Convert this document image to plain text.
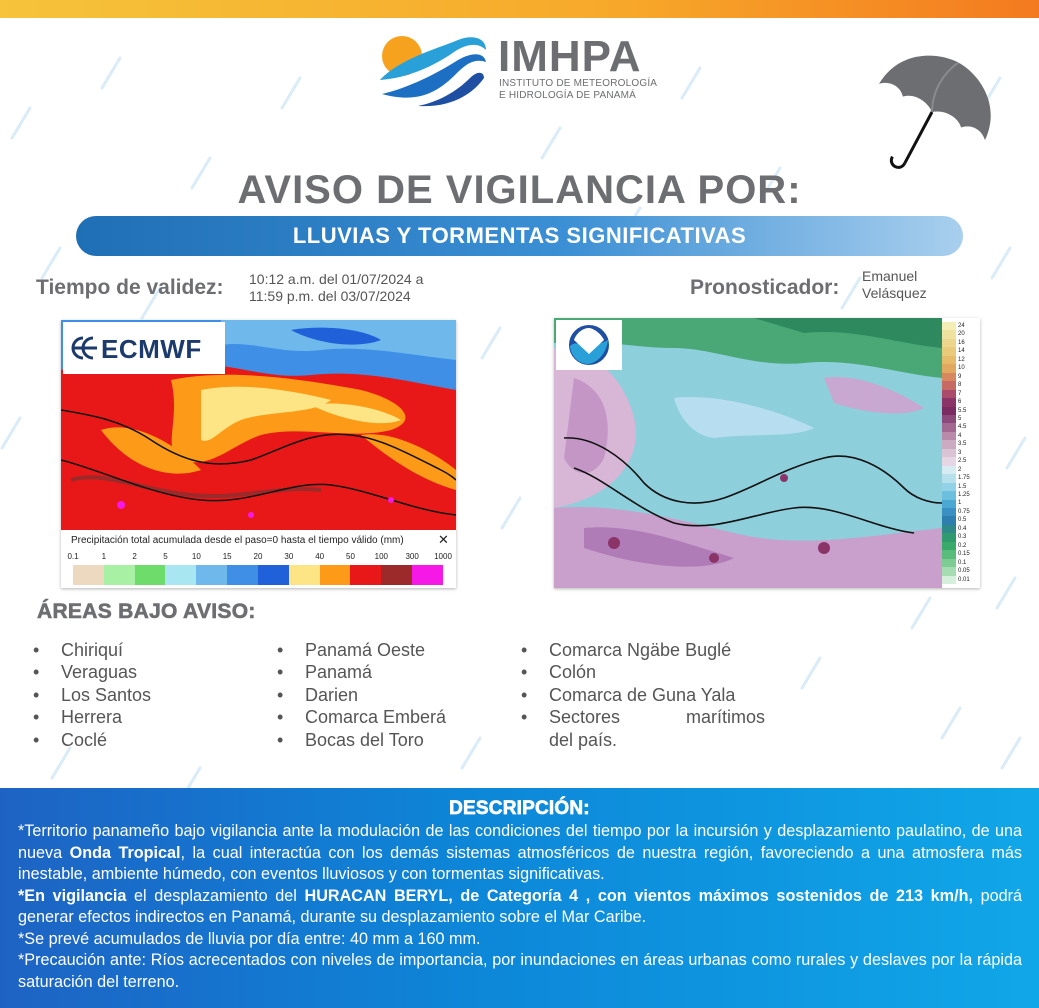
IMHPA
INSTITUTO DE METEOROLOGÍA
E HIDROLOGÍA DE PANAMÁ
AVISO DE VIGILANCIA POR:
LLUVIAS Y TORMENTAS SIGNIFICATIVAS
Tiempo de validez: 10:12 a.m. del 01/07/2024 a
11:59 p.m. del 03/07/2024	Pronosticador: Emanuel
Velásquez
ECMWF
Precipitación total acumulada desde el paso=0 hasta el tiempo válido (mm)	✕
0.1	1	2	5	10	15	20	30	40	50 100 300 1000
24
20
16
14
12
10
9
8
7
6
5.5
5
4.5
4
3.5
3
2.5
2
1.75
1.5
1.25
1
0.75
0.5
0.4
0.3
0.2
0.15
0.1
0.05
0.01
ÁREAS BAJO AVISO:
•	Chiriquí
•	Veraguas
•	Los Santos
•	Herrera
•	Coclé
•	Panamá Oeste
•	Panamá
•	Darien
•	Comarca Emberá
•	Bocas del Toro
•	Comarca Ngäbe Buglé
•	Colón
•	Comarca de Guna Yala
•	Sectores	marítimos
del país.
DESCRIPCIÓN:

*Territorio panameño bajo vigilancia ante la modulación de las condiciones del tiempo por la incursión y desplazamiento paulatino, de una nueva Onda Tropical, la cual interactúa con los demás sistemas atmosféricos de nuestra región, favoreciendo a una atmosfera más inestable, ambiente húmedo, con eventos lluviosos y con tormentas significativas.

*En vigilancia el desplazamiento del HURACAN BERYL, de Categoría 4 , con vientos máximos sostenidos de 213 km/h, podrá generar efectos indirectos en Panamá, durante su desplazamiento sobre el Mar Caribe.

*Se prevé acumulados de lluvia por día entre: 40 mm a 160 mm.

*Precaución ante: Ríos acrecentados con niveles de importancia, por inundaciones en áreas urbanas como rurales y deslaves por la rápida saturación del terreno.
